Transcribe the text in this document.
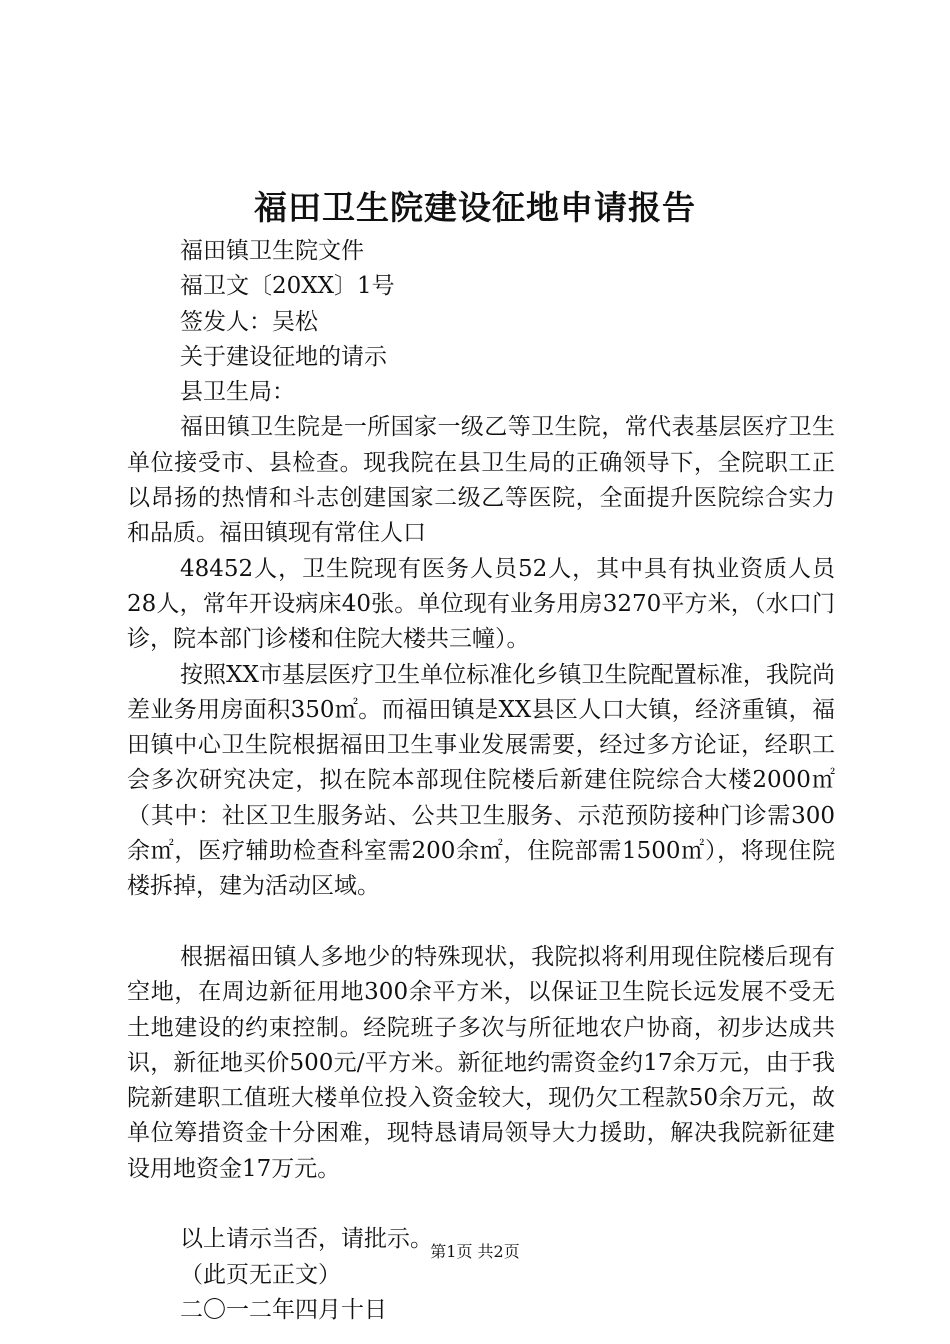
福田卫生院建设征地申请报告
福田镇卫生院文件
福卫文〔20XX〕1号
签发人：吴松
关于建设征地的请示
县卫生局：

福田镇卫生院是一所国家一级乙等卫生院，常代表基层医疗卫生单位接受市、县检查。现我院在县卫生局的正确领导下，全院职工正以昂扬的热情和斗志创建国家二级乙等医院，全面提升医院综合实力和品质。福田镇现有常住人口

48452人，卫生院现有医务人员52人，其中具有执业资质人员28人，常年开设病床40张。单位现有业务用房3270平方米，（水口门诊，院本部门诊楼和住院大楼共三幢）。

按照XX市基层医疗卫生单位标准化乡镇卫生院配置标准，我院尚差业务用房面积350㎡。而福田镇是XX县区人口大镇，经济重镇，福田镇中心卫生院根据福田卫生事业发展需要，经过多方论证，经职工会多次研究决定，拟在院本部现住院楼后新建住院综合大楼2000㎡（其中：社区卫生服务站、公共卫生服务、示范预防接种门诊需300余㎡，医疗辅助检查科室需200余㎡，住院部需1500㎡），将现住院楼拆掉，建为活动区域。

根据福田镇人多地少的特殊现状，我院拟将利用现住院楼后现有空地，在周边新征用地300余平方米，以保证卫生院长远发展不受无土地建设的约束控制。经院班子多次与所征地农户协商，初步达成共识，新征地买价500元/平方米。新征地约需资金约17余万元，由于我院新建职工值班大楼单位投入资金较大，现仍欠工程款50余万元，故单位筹措资金十分困难，现特恳请局领导大力援助，解决我院新征建设用地资金17万元。

以上请示当否，请批示。
（此页无正文）
二〇一二年四月十日
第1页 共2页
